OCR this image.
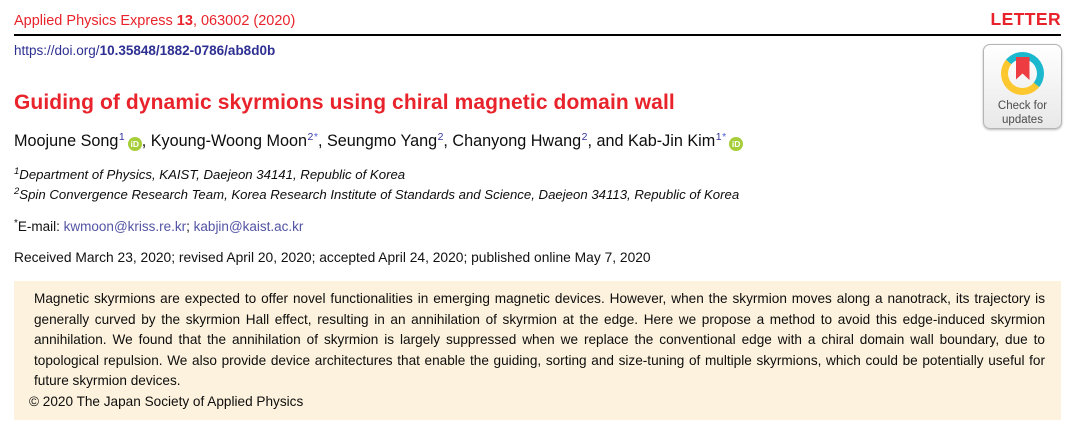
Applied Physics Express 13, 063002 (2020)	LETTER
https://doi.org/10.35848/1882-0786/ab8d0b
Guiding of dynamic skyrmions using chiral magnetic domain wall
Moojune Song$^1$iD , Kyoung-Woong Moon$^{2*}$, Seungmo Yang$^2$, Chanyong Hwang$^2$, and Kab-Jin Kim$^{1*}$iD
$^1$Department of Physics, KAIST, Daejeon 34141, Republic of Korea
$^2$Spin Convergence Research Team, Korea Research Institute of Standards and Science, Daejeon 34113, Republic of Korea
*E-mail: kwmoon@kriss.re.kr; kabjin@kaist.ac.kr
Received March 23, 2020; revised April 20, 2020; accepted April 24, 2020; published online May 7, 2020

Magnetic skyrmions are expected to offer novel functionalities in emerging magnetic devices. However, when the skyrmion moves along a nanotrack, its trajectory is generally curved by the skyrmion Hall effect, resulting in an annihilation of skyrmion at the edge. Here we propose a method to avoid this edge-induced skyrmion annihilation. We found that the annihilation of skyrmion is largely suppressed when we replace the conventional edge with a chiral domain wall boundary, due to topological repulsion. We also provide device architectures that enable the guiding, sorting and size-tuning of multiple skyrmions, which could be potentially useful for future skyrmion devices.

© 2020 The Japan Society of Applied Physics

Check for
updates
